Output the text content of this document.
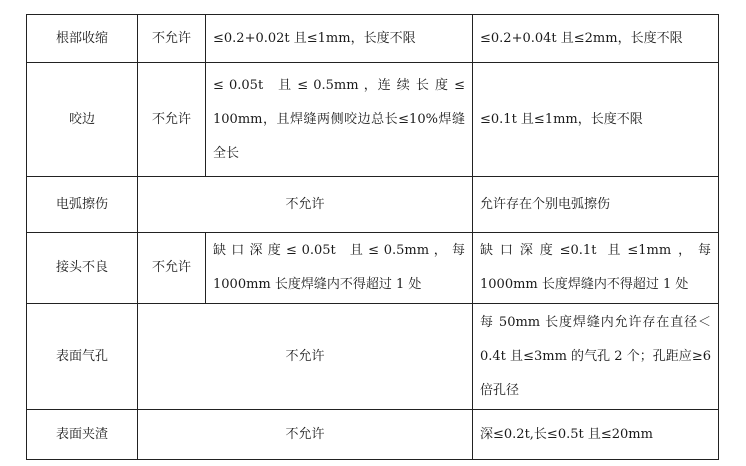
根部收缩	不允许	≤0.2+0.02t 且≤1mm，长度不限	≤0.2+0.04t 且≤2mm，长度不限
咬边	不允许	≤ 0.05t　且 ≤ 0.5mm ，连 续 长 度 ≤ 100mm，且焊缝两侧咬边总长≤10%焊缝全长	≤0.1t 且≤1mm，长度不限
电弧擦伤	不允许		允许存在个别电弧擦伤
接头不良	不允许	缺 口 深 度 ≤ 0.05t　且 ≤ 0.5mm ， 每 1000mm 长度焊缝内不得超过 1 处	缺口深度≤0.1t 且≤1mm，每 1000mm 长度焊缝内不得超过 1 处
表面气孔	不允许		每 50mm 长度焊缝内允许存在直径＜0.4t 且≤3mm 的气孔 2 个；孔距应≥6 倍孔径
表面夹渣	不允许		深≤0.2t,长≤0.5t 且≤20mm
